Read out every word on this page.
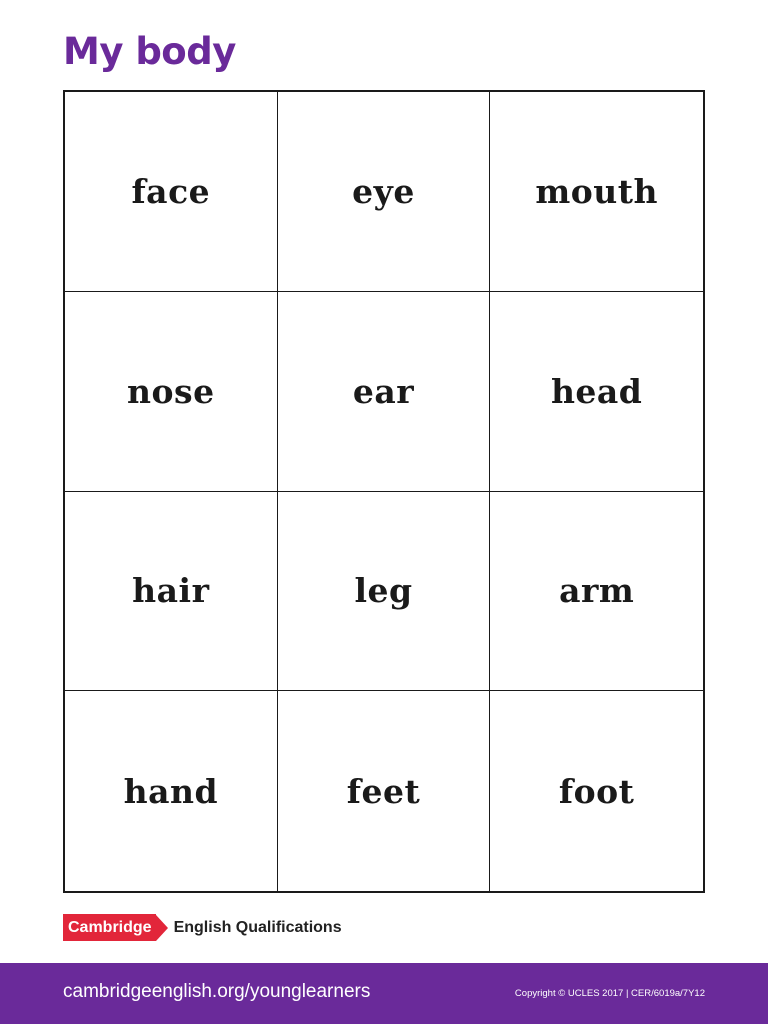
My body
face	eye	mouth
nose	ear	head
hair	leg	arm
hand	feet	foot
Cambridge English Qualifications
cambridgeenglish.org/younglearners	Copyright © UCLES 2017 | CER/6019a/7Y12
